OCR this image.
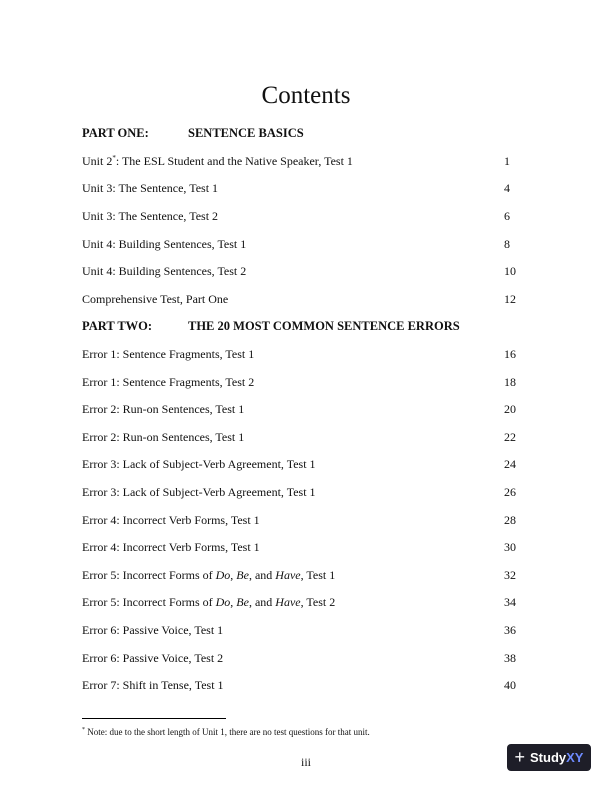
Contents
PART ONE:	SENTENCE BASICS
Unit 2*: The ESL Student and the Native Speaker, Test 1	1
Unit 3: The Sentence, Test 1	4
Unit 3: The Sentence, Test 2	6
Unit 4: Building Sentences, Test 1	8
Unit 4: Building Sentences, Test 2	10
Comprehensive Test, Part One	12
PART TWO:	THE 20 MOST COMMON SENTENCE ERRORS
Error 1: Sentence Fragments, Test 1	16
Error 1: Sentence Fragments, Test 2	18
Error 2: Run-on Sentences, Test 1	20
Error 2: Run-on Sentences, Test 1	22
Error 3: Lack of Subject-Verb Agreement, Test 1	24
Error 3: Lack of Subject-Verb Agreement, Test 1	26
Error 4: Incorrect Verb Forms, Test 1	28
Error 4: Incorrect Verb Forms, Test 1	30
Error 5: Incorrect Forms of Do, Be, and Have, Test 1	32
Error 5: Incorrect Forms of Do, Be, and Have, Test 2	34
Error 6: Passive Voice, Test 1	36
Error 6: Passive Voice, Test 2	38
Error 7: Shift in Tense, Test 1	40
* Note: due to the short length of Unit 1, there are no test questions for that unit.
iii	+ Study XY
